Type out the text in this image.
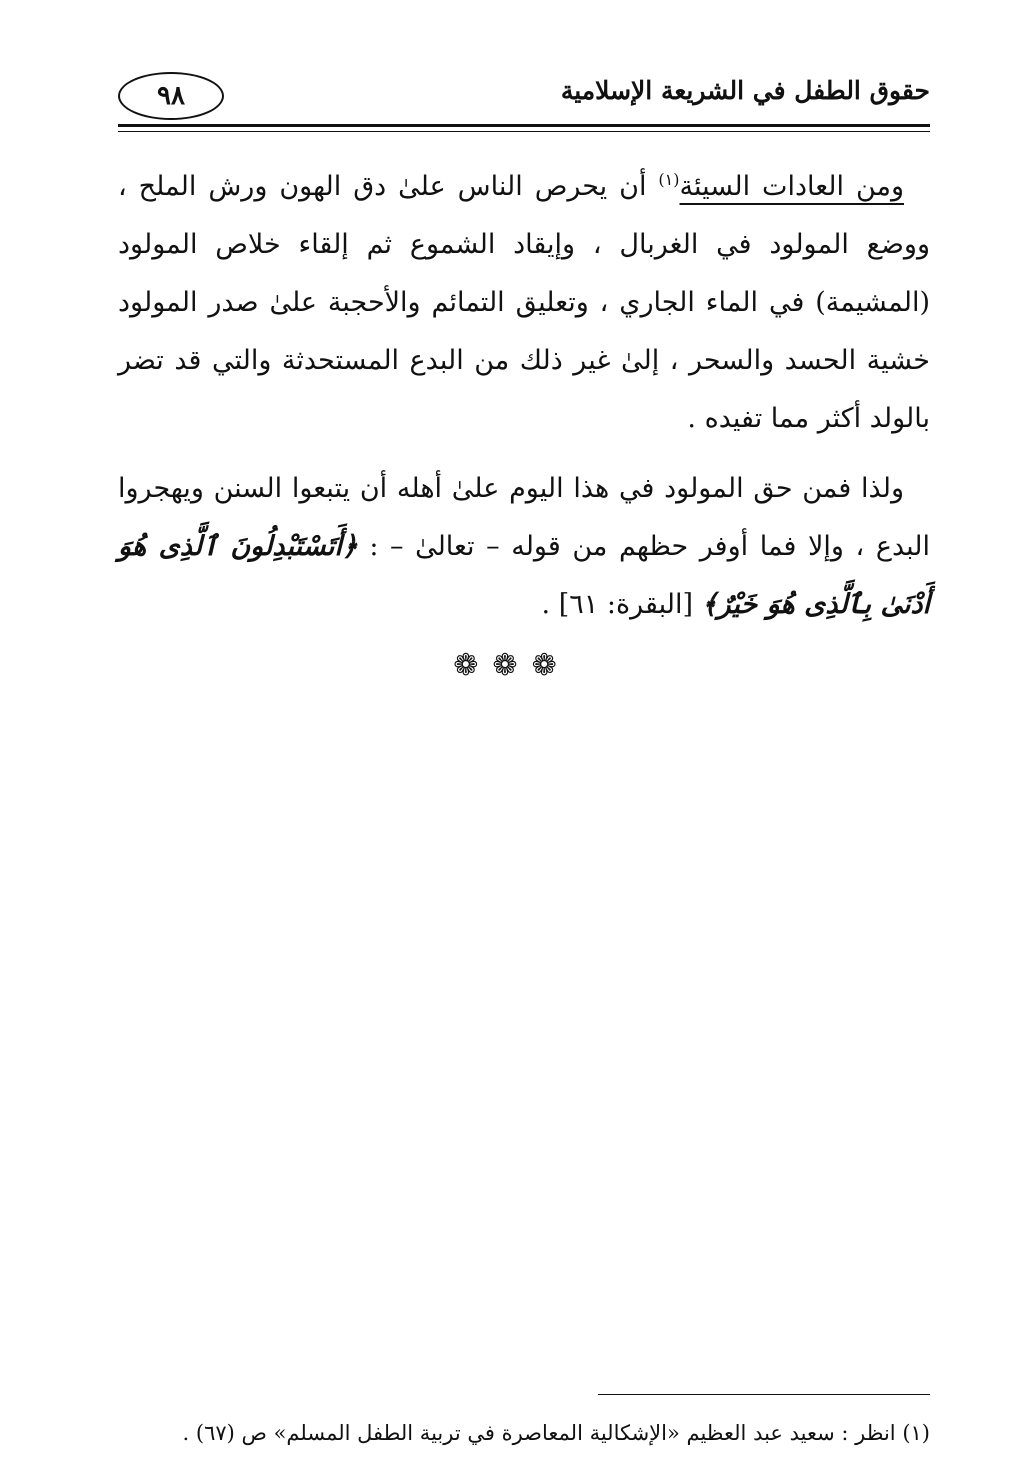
٩٨	حقوق الطفل في الشريعة الإسلامية

ومن العادات السيئة$^{(١)}$ أن يحرص الناس علىٰ دق الهون ورش الملح ، ووضع المولود في الغربال ، وإيقاد الشموع ثم إلقاء خلاص المولود (المشيمة) في الماء الجاري ، وتعليق التمائم والأحجبة علىٰ صدر المولود خشية الحسد والسحر ، إلىٰ غير ذلك من البدع المستحدثة والتي قد تضر بالولد أكثر مما تفيده .

ولذا فمن حق المولود في هذا اليوم علىٰ أهله أن يتبعوا السنن ويهجروا البدع ، وإلا فما أوفر حظهم من قوله – تعالىٰ – : ﴿أَتَسْتَبْدِلُونَ ٱلَّذِى هُوَ أَدْنَىٰ بِٱلَّذِى هُوَ خَيْرٌ﴾ [البقرة: ٦١] .

❁❁❁
(١) انظر : سعيد عبد العظيم «الإشكالية المعاصرة في تربية الطفل المسلم» ص (٦٧) .
